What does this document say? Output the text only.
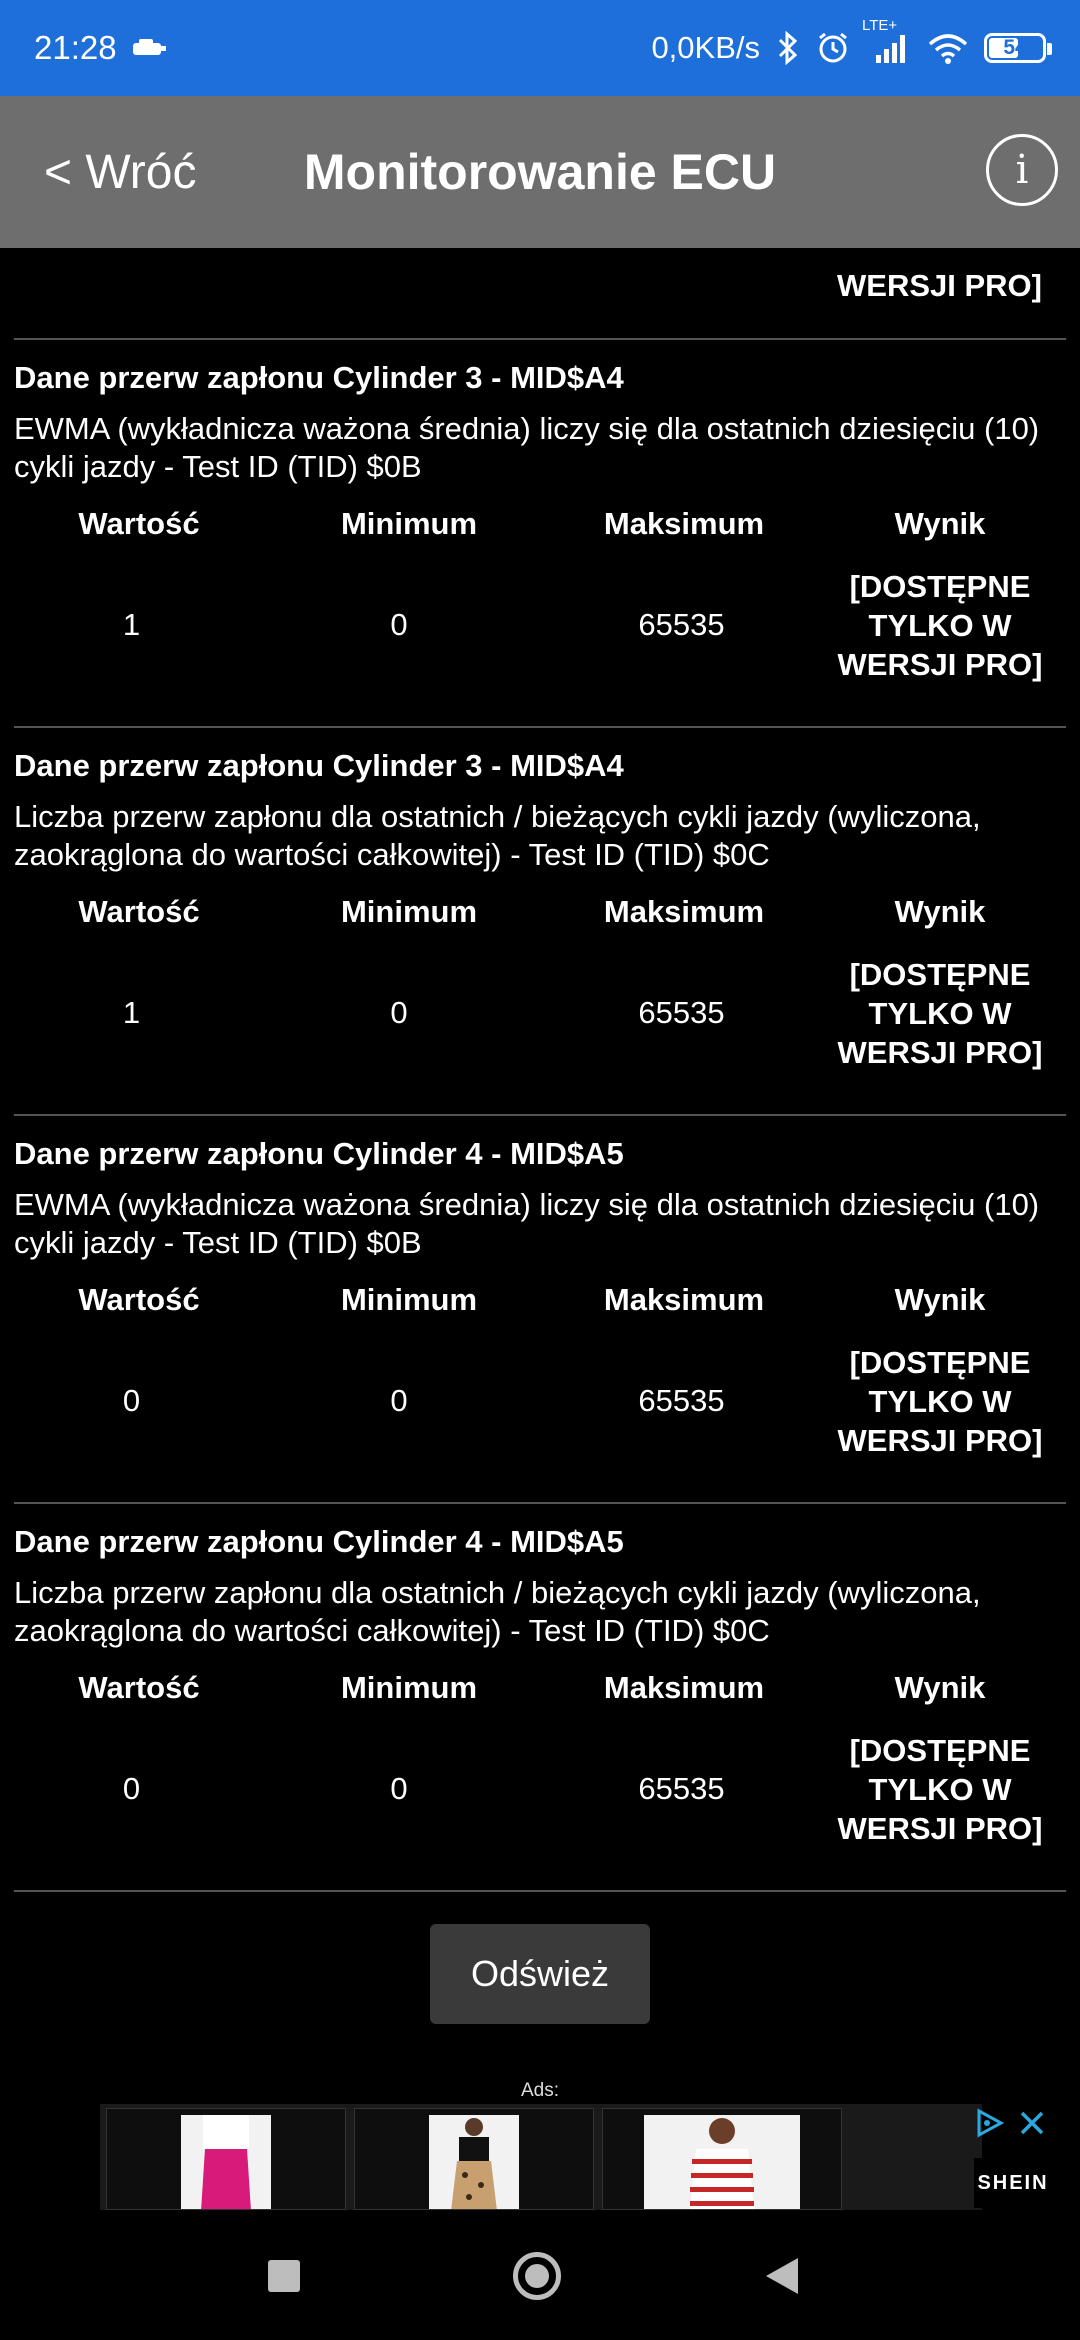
21:28	0,0KB/s
LTE+
54
< Wróć	Monitorowanie ECU	i
WERSJI PRO]
Dane przerw zapłonu Cylinder 3 - MID$A4
EWMA (wykładnicza ważona średnia) liczy się dla ostatnich dziesięciu (10) cykli jazdy - Test ID (TID) $0B
Wartość	Minimum	Maksimum	Wynik
1	0	65535
[DOSTĘPNE
TYLKO W
WERSJI PRO]
Dane przerw zapłonu Cylinder 3 - MID$A4
Liczba przerw zapłonu dla ostatnich / bieżących cykli jazdy (wyliczona, zaokrąglona do wartości całkowitej) - Test ID (TID) $0C
Wartość	Minimum	Maksimum	Wynik
1	0	65535
[DOSTĘPNE
TYLKO W
WERSJI PRO]
Dane przerw zapłonu Cylinder 4 - MID$A5
EWMA (wykładnicza ważona średnia) liczy się dla ostatnich dziesięciu (10) cykli jazdy - Test ID (TID) $0B
Wartość	Minimum	Maksimum	Wynik
0	0	65535
[DOSTĘPNE
TYLKO W
WERSJI PRO]
Dane przerw zapłonu Cylinder 4 - MID$A5
Liczba przerw zapłonu dla ostatnich / bieżących cykli jazdy (wyliczona, zaokrąglona do wartości całkowitej) - Test ID (TID) $0C
Wartość	Minimum	Maksimum	Wynik
0	0	65535
[DOSTĘPNE
TYLKO W
WERSJI PRO]
Odśwież
Ads:
SHEIN
